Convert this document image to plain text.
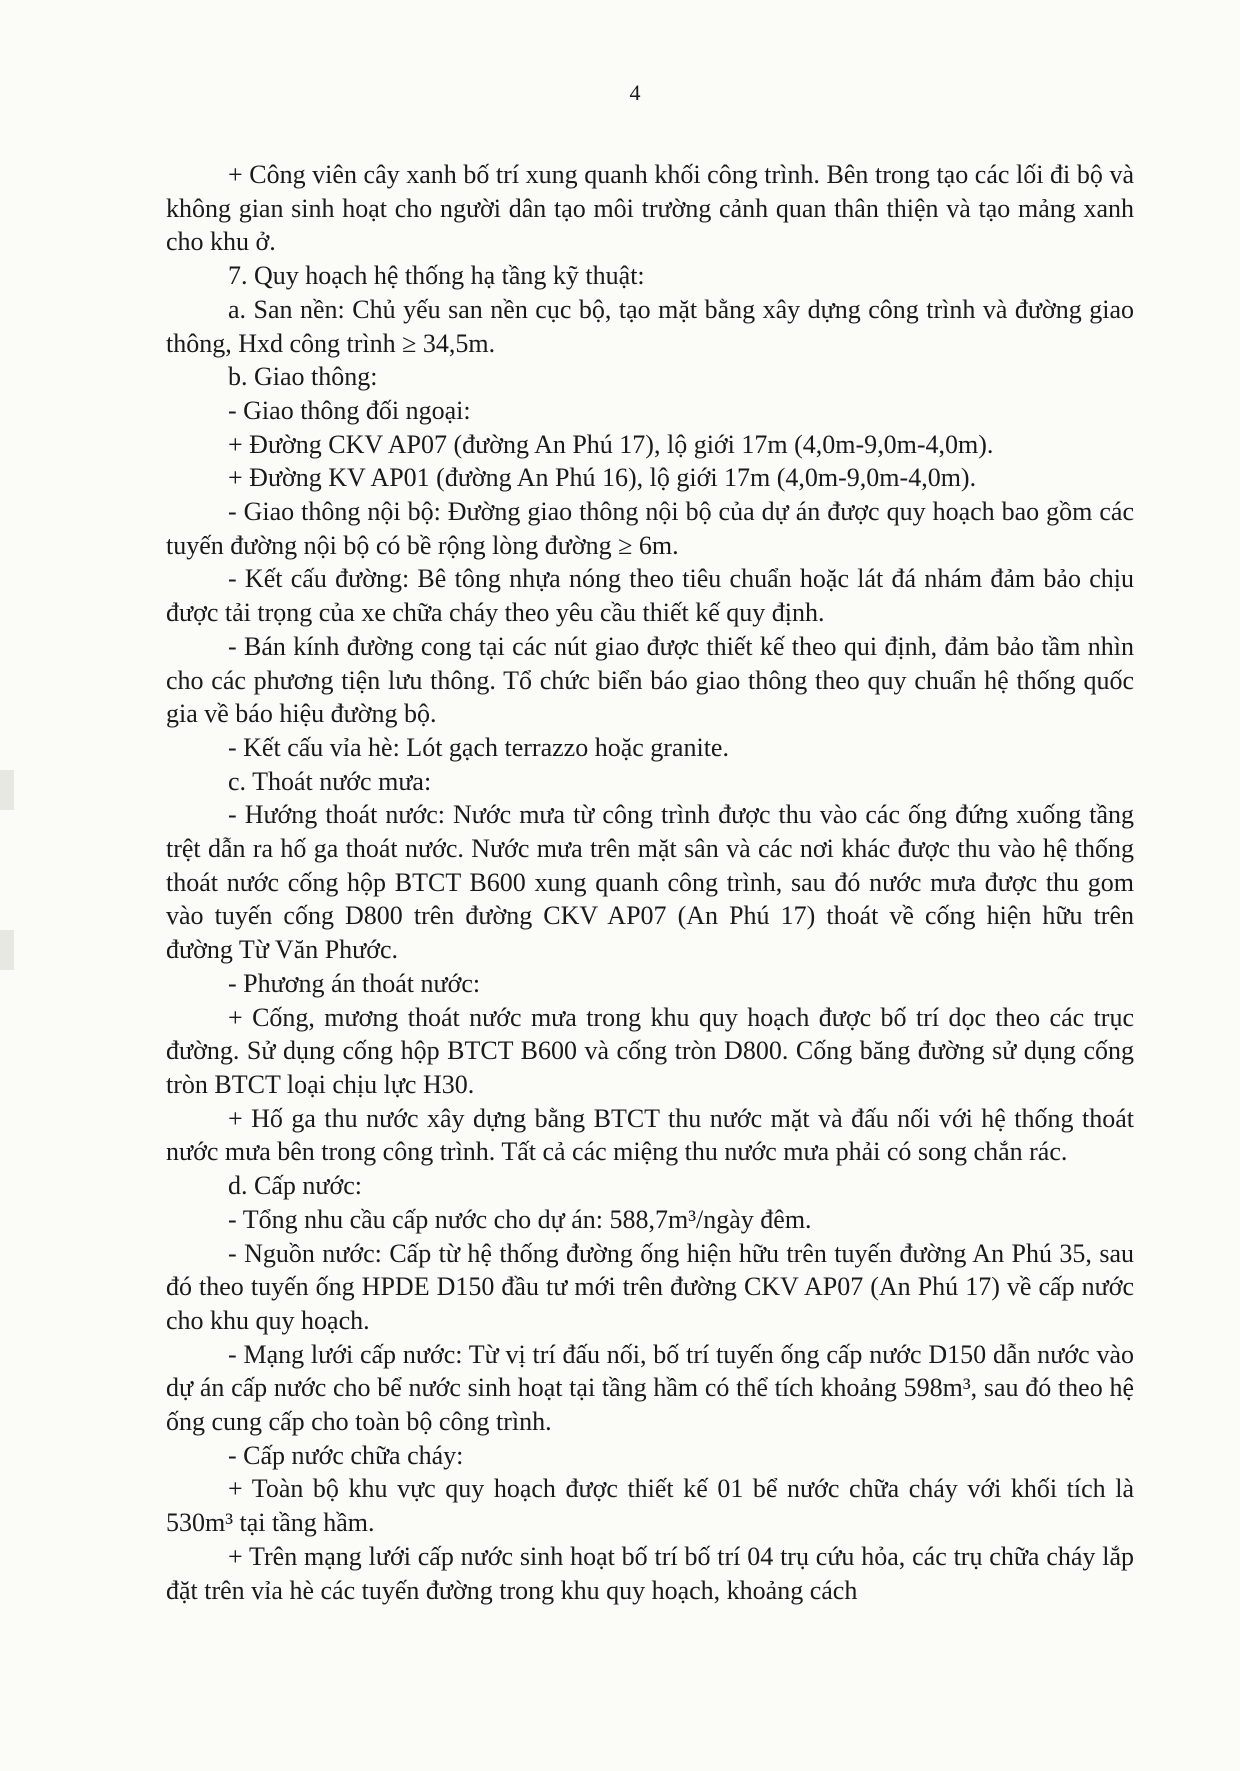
4

+ Công viên cây xanh bố trí xung quanh khối công trình. Bên trong tạo các lối đi bộ và không gian sinh hoạt cho người dân tạo môi trường cảnh quan thân thiện và tạo mảng xanh cho khu ở.

7. Quy hoạch hệ thống hạ tầng kỹ thuật:

a. San nền: Chủ yếu san nền cục bộ, tạo mặt bằng xây dựng công trình và đường giao thông, Hxd công trình ≥ 34,5m.

b. Giao thông:

- Giao thông đối ngoại:

+ Đường CKV AP07 (đường An Phú 17), lộ giới 17m (4,0m-9,0m-4,0m).

+ Đường KV AP01 (đường An Phú 16), lộ giới 17m (4,0m-9,0m-4,0m).

- Giao thông nội bộ: Đường giao thông nội bộ của dự án được quy hoạch bao gồm các tuyến đường nội bộ có bề rộng lòng đường ≥ 6m.

- Kết cấu đường: Bê tông nhựa nóng theo tiêu chuẩn hoặc lát đá nhám đảm bảo chịu được tải trọng của xe chữa cháy theo yêu cầu thiết kế quy định.

- Bán kính đường cong tại các nút giao được thiết kế theo qui định, đảm bảo tầm nhìn cho các phương tiện lưu thông. Tổ chức biển báo giao thông theo quy chuẩn hệ thống quốc gia về báo hiệu đường bộ.

- Kết cấu vỉa hè: Lót gạch terrazzo hoặc granite.

c. Thoát nước mưa:

- Hướng thoát nước: Nước mưa từ công trình được thu vào các ống đứng xuống tầng trệt dẫn ra hố ga thoát nước. Nước mưa trên mặt sân và các nơi khác được thu vào hệ thống thoát nước cống hộp BTCT B600 xung quanh công trình, sau đó nước mưa được thu gom vào tuyến cống D800 trên đường CKV AP07 (An Phú 17) thoát về cống hiện hữu trên đường Từ Văn Phước.

- Phương án thoát nước:

+ Cống, mương thoát nước mưa trong khu quy hoạch được bố trí dọc theo các trục đường. Sử dụng cống hộp BTCT B600 và cống tròn D800. Cống băng đường sử dụng cống tròn BTCT loại chịu lực H30.

+ Hố ga thu nước xây dựng bằng BTCT thu nước mặt và đấu nối với hệ thống thoát nước mưa bên trong công trình. Tất cả các miệng thu nước mưa phải có song chắn rác.

d. Cấp nước:

- Tổng nhu cầu cấp nước cho dự án: 588,7m³/ngày đêm.

- Nguồn nước: Cấp từ hệ thống đường ống hiện hữu trên tuyến đường An Phú 35, sau đó theo tuyến ống HPDE D150 đầu tư mới trên đường CKV AP07 (An Phú 17) về cấp nước cho khu quy hoạch.

- Mạng lưới cấp nước: Từ vị trí đấu nối, bố trí tuyến ống cấp nước D150 dẫn nước vào dự án cấp nước cho bể nước sinh hoạt tại tầng hầm có thể tích khoảng 598m³, sau đó theo hệ ống cung cấp cho toàn bộ công trình.

- Cấp nước chữa cháy:

+ Toàn bộ khu vực quy hoạch được thiết kế 01 bể nước chữa cháy với khối tích là 530m³ tại tầng hầm.

+ Trên mạng lưới cấp nước sinh hoạt bố trí bố trí 04 trụ cứu hỏa, các trụ chữa cháy lắp đặt trên vỉa hè các tuyến đường trong khu quy hoạch, khoảng cách
